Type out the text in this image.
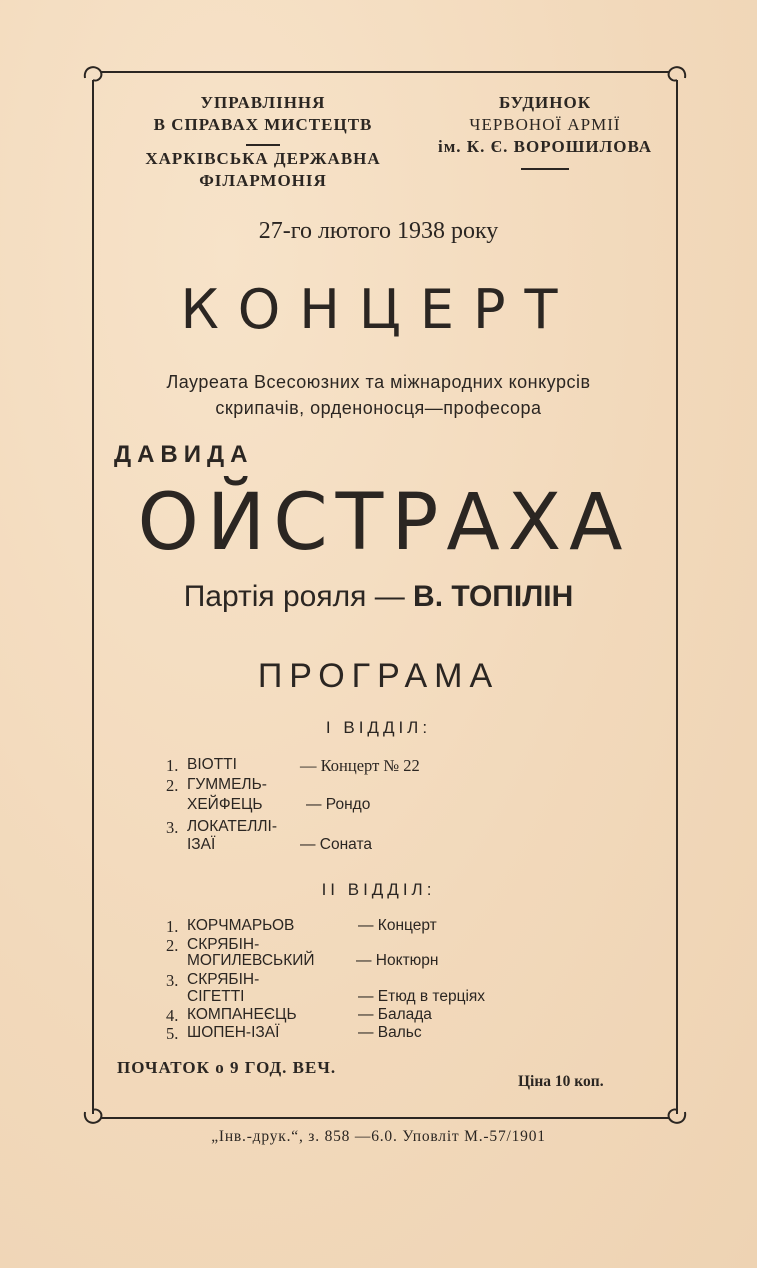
УПРАВЛІННЯ
В СПРАВАХ МИСТЕЦТВ
ХАРКІВСЬКА ДЕРЖАВНА
ФІЛАРМОНІЯ
БУДИНОК
ЧЕРВОНОЇ АРМІЇ
ім. К. Є. ВОРОШИЛОВА
27-го лютого 1938 року
КОНЦЕРТ
Лауреата Всесоюзних та міжнародних конкурсів
скрипачів, орденоносця—професора
ДАВИДА
ОЙСТРАХА
Партія рояля — В. ТОПІЛІН
ПРОГРАМА
І ВІДДІЛ:
1. ВІОТТІ	— Концерт № 22
2. ГУММЕЛЬ-
ХЕЙФЕЦЬ	— Рондо
3. ЛОКАТЕЛЛІ-
ІЗАЇ	— Соната
ІІ ВІДДІЛ:
1. КОРЧМАРЬОВ	— Концерт
2. СКРЯБІН-
МОГИЛЕВСЬКИЙ	— Ноктюрн
3. СКРЯБІН-
СІГЕТТІ	— Етюд в терціях
4. КОМПАНЕЄЦЬ	— Балада
5. ШОПЕН-ІЗАЇ	— Вальс
ПОЧАТОК о 9 ГОД. ВЕЧ.
Ціна 10 коп.
„Інв.-друк.“, з. 858 —6.0. Уповліт М.-57/1901
